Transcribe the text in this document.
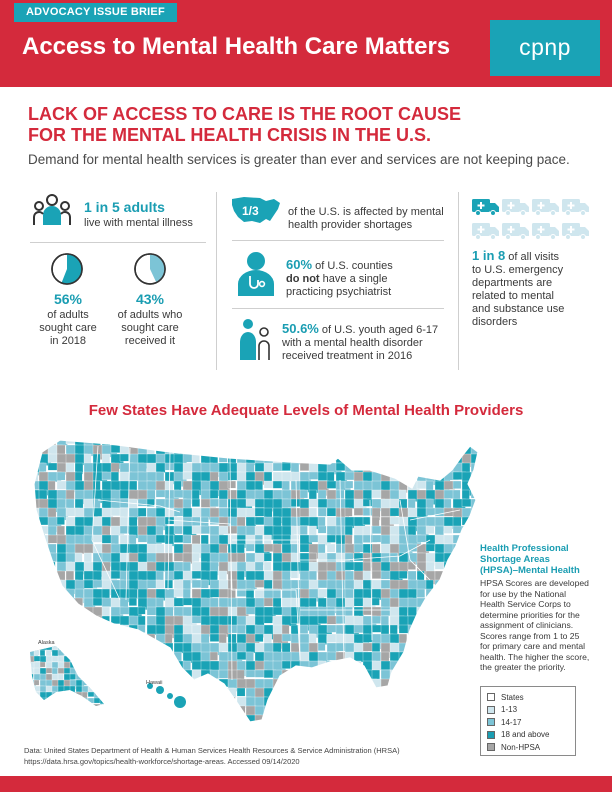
ADVOCACY ISSUE BRIEF
Access to Mental Health Care Matters	cpnp
LACK OF ACCESS TO CARE IS THE ROOT CAUSE
FOR THE MENTAL HEALTH CRISIS IN THE U.S.
Demand for mental health services is greater than ever and services are not keeping pace.
1 in 5 adults
live with mental illness
56%
of adults
sought care
in 2018
43%
of adults who
sought care
received it
1/3	of the U.S. is affected by mental
health provider shortages
60% of U.S. counties
do not have a single
practicing psychiatrist
50.6% of U.S. youth aged 6-17
with a mental health disorder
received treatment in 2016
1 in 8 of all visits
to U.S. emergency
departments are
related to mental
and substance use
disorders
Few States Have Adequate Levels of Mental Health Providers
Alaska
Hawaii
Health Professional
Shortage Areas
(HPSA)–Mental Health
HPSA Scores are developed
for use by the National
Health Service Corps to
determine priorities for the
assignment of clinicians.
Scores range from 1 to 25
for primary care and mental
health. The higher the score,
the greater the priority.
States
1-13
14-17
18 and above
Non-HPSA
Data: United States Department of Health & Human Services Health Resources & Service Administration (HRSA)
https://data.hrsa.gov/topics/health-workforce/shortage-areas. Accessed 09/14/2020
